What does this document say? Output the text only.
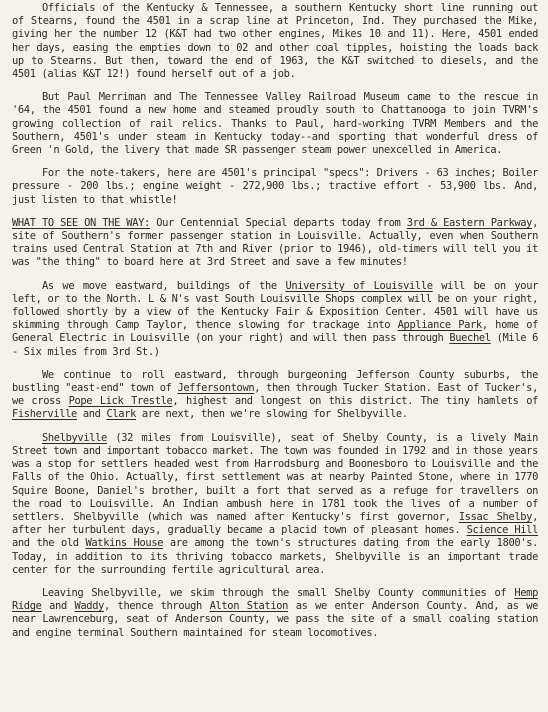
Officials of the Kentucky & Tennessee, a southern Kentucky short line running out of Stearns, found the 4501 in a scrap line at Princeton, Ind. They purchased the Mike, giving her the number 12 (K&T had two other engines, Mikes 10 and 11). Here, 4501 ended her days, easing the empties down to 02 and other coal tipples, hoisting the loads back up to Stearns. But then, toward the end of 1963, the K&T switched to diesels, and the 4501 (alias K&T 12!) found herself out of a job.

But Paul Merriman and The Tennessee Valley Railroad Museum came to the rescue in '64, the 4501 found a new home and steamed proudly south to Chattanooga to join TVRM's growing collection of rail relics. Thanks to Paul, hard-working TVRM Members and the Southern, 4501's under steam in Kentucky today--and sporting that wonderful dress of Green 'n Gold, the livery that made SR passenger steam power unexcelled in America.

For the note-takers, here are 4501's principal "specs": Drivers - 63 inches; Boiler pressure - 200 lbs.; engine weight - 272,900 lbs.; tractive effort - 53,900 lbs. And, just listen to that whistle!

WHAT TO SEE ON THE WAY: Our Centennial Special departs today from 3rd & Eastern Parkway, site of Southern's former passenger station in Louisville. Actually, even when Southern trains used Central Station at 7th and River (prior to 1946), old-timers will tell you it was "the thing" to board here at 3rd Street and save a few minutes!

As we move eastward, buildings of the University of Louisville will be on your left, or to the North. L & N's vast South Louisville Shops complex will be on your right, followed shortly by a view of the Kentucky Fair & Exposition Center. 4501 will have us skimming through Camp Taylor, thence slowing for trackage into Appliance Park, home of General Electric in Louisville (on your right) and will then pass through Buechel (Mile 6 - Six miles from 3rd St.)

We continue to roll eastward, through burgeoning Jefferson County suburbs, the bustling "east-end" town of Jeffersontown, then through Tucker Station. East of Tucker's, we cross Pope Lick Trestle, highest and longest on this district. The tiny hamlets of Fisherville and Clark are next, then we're slowing for Shelbyville.

Shelbyville (32 miles from Louisville), seat of Shelby County, is a lively Main Street town and important tobacco market. The town was founded in 1792 and in those years was a stop for settlers headed west from Harrodsburg and Boonesboro to Louisville and the Falls of the Ohio. Actually, first settlement was at nearby Painted Stone, where in 1770 Squire Boone, Daniel's brother, built a fort that served as a refuge for travellers on the road to Louisville. An Indian ambush here in 1781 took the lives of a number of settlers. Shelbyville (which was named after Kentucky's first governor, Issac Shelby, after her turbulent days, gradually became a placid town of pleasant homes. Science Hill and the old Watkins House are among the town's structures dating from the early 1800's. Today, in addition to its thriving tobacco markets, Shelbyville is an important trade center for the surrounding fertile agricultural area.

Leaving Shelbyville, we skim through the small Shelby County communities of Hemp Ridge and Waddy, thence through Alton Station as we enter Anderson County. And, as we near Lawrenceburg, seat of Anderson County, we pass the site of a small coaling station and engine terminal Southern maintained for steam locomotives.
